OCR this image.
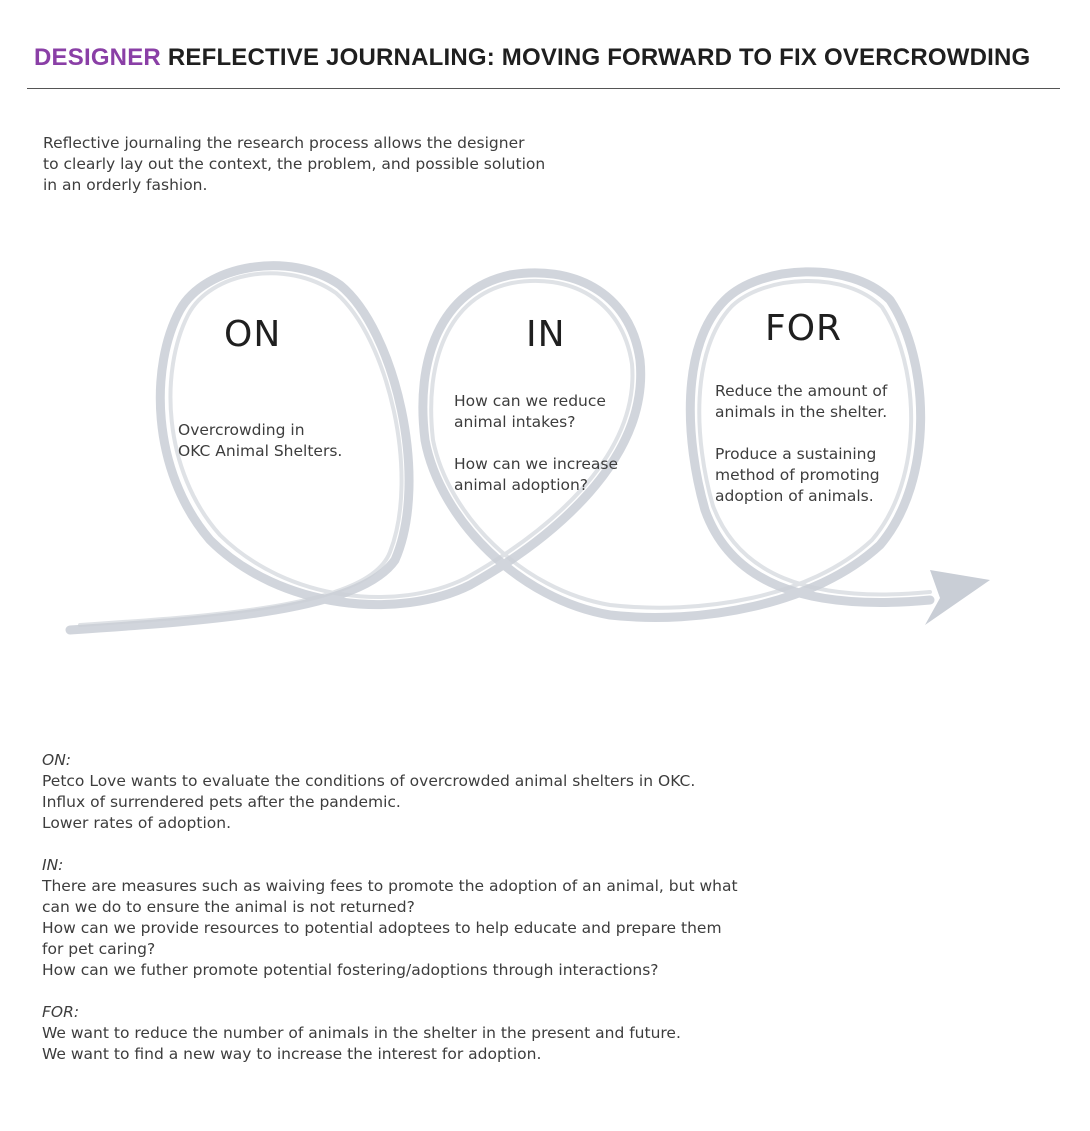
DESIGNER REFLECTIVE JOURNALING: MOVING FORWARD TO FIX OVERCROWDING
Reflective journaling the research process allows the designer
to clearly lay out the context, the problem, and possible solution
in an orderly fashion.
ON
Overcrowding in
OKC Animal Shelters.
IN
How can we reduce
animal intakes?
How can we increase
animal adoption?
FOR
Reduce the amount of
animals in the shelter.
Produce a sustaining
method of promoting
adoption of animals.
ON:
Petco Love wants to evaluate the conditions of overcrowded animal shelters in OKC.
Influx of surrendered pets after the pandemic.
Lower rates of adoption.
IN:
There are measures such as waiving fees to promote the adoption of an animal, but what
can we do to ensure the animal is not returned?
How can we provide resources to potential adoptees to help educate and prepare them
for pet caring?
How can we futher promote potential fostering/adoptions through interactions?
FOR:
We want to reduce the number of animals in the shelter in the present and future.
We want to find a new way to increase the interest for adoption.
